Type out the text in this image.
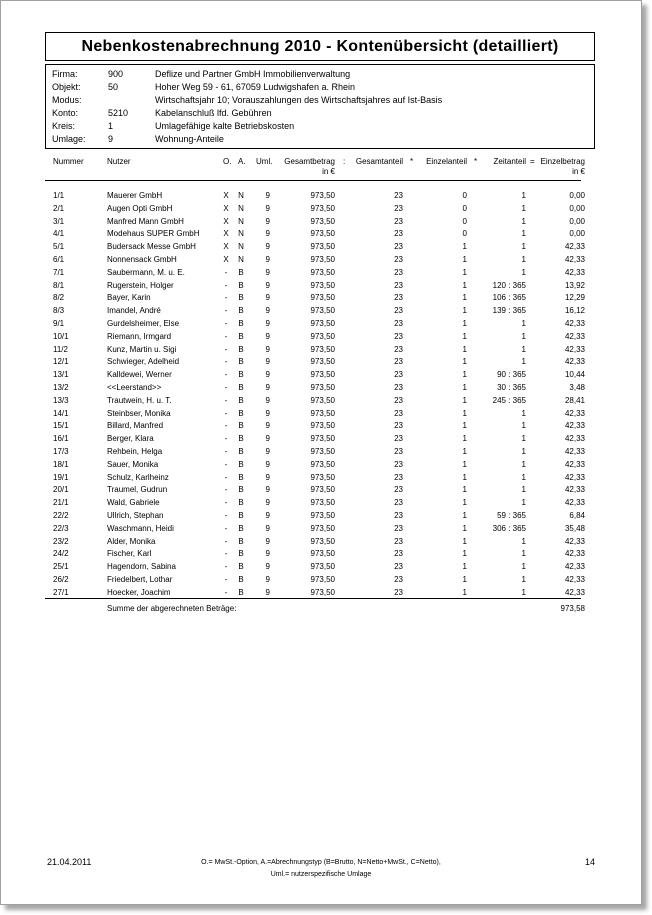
Nebenkostenabrechnung 2010 - Kontenübersicht (detailliert)
Firma:	900	Deflize und Partner GmbH Immobilienverwaltung
Objekt:	50	Hoher Weg 59 - 61, 67059 Ludwigshafen a. Rhein
Modus:	Wirtschaftsjahr 10; Vorauszahlungen des Wirtschaftsjahres auf Ist-Basis
Konto:	5210	Kabelanschluß lfd. Gebühren
Kreis:	1	Umlagefähige kalte Betriebskosten
Umlage: 9	Wohnung-Anteile
Nummer	Nutzer	O. A. Uml.	Gesamtbetrag
in €
:	Gesamtanteil *	Einzelanteil *	Zeitanteil = Einzelbetrag
in €
1/1	Mauerer GmbH	X N	9	973,50	23	0	1	0,00
2/1	Augen Opti GmbH	X N	9	973,50	23	0	1	0,00
3/1	Manfred Mann GmbH	X N	9	973,50	23	0	1	0,00
4/1	Modehaus SUPER GmbH	X N	9	973,50	23	0	1	0,00
5/1	Budersack Messe GmbH	X N	9	973,50	23	1	1	42,33
6/1	Nonnensack GmbH	X N	9	973,50	23	1	1	42,33
7/1	Saubermann, M. u. E.	-	B	9	973,50	23	1	1	42,33
8/1	Rugerstein, Holger	-	B	9	973,50	23	1	120 : 365	13,92
8/2	Bayer, Karin	-	B	9	973,50	23	1	106 : 365	12,29
8/3	Imandel, André	-	B	9	973,50	23	1	139 : 365	16,12
9/1	Gurdelsheimer, Else	-	B	9	973,50	23	1	1	42,33
10/1	Riemann, Irmgard	-	B	9	973,50	23	1	1	42,33
11/2	Kunz, Martin u. Sigi	-	B	9	973,50	23	1	1	42,33
12/1	Schwieger, Adelheid	-	B	9	973,50	23	1	1	42,33
13/1	Kalldewei, Werner	-	B	9	973,50	23	1	90 : 365	10,44
13/2	<<Leerstand>>	-	B	9	973,50	23	1	30 : 365	3,48
13/3	Trautwein, H. u. T.	-	B	9	973,50	23	1	245 : 365	28,41
14/1	Steinbser, Monika	-	B	9	973,50	23	1	1	42,33
15/1	Billard, Manfred	-	B	9	973,50	23	1	1	42,33
16/1	Berger, Klara	-	B	9	973,50	23	1	1	42,33
17/3	Rehbein, Helga	-	B	9	973,50	23	1	1	42,33
18/1	Sauer, Monika	-	B	9	973,50	23	1	1	42,33
19/1	Schulz, Karlheinz	-	B	9	973,50	23	1	1	42,33
20/1	Traumel, Gudrun	-	B	9	973,50	23	1	1	42,33
21/1	Wald, Gabriele	-	B	9	973,50	23	1	1	42,33
22/2	Ullrich, Stephan	-	B	9	973,50	23	1	59 : 365	6,84
22/3	Waschmann, Heidi	-	B	9	973,50	23	1	306 : 365	35,48
23/2	Alder, Monika	-	B	9	973,50	23	1	1	42,33
24/2	Fischer, Karl	-	B	9	973,50	23	1	1	42,33
25/1	Hagendorn, Sabina	-	B	9	973,50	23	1	1	42,33
26/2	Friedelbert, Lothar	-	B	9	973,50	23	1	1	42,33
27/1	Hoecker, Joachim	-	B	9	973,50	23	1	1	42,33
Summe der abgerechneten Beträge:	973,58
21.04.2011	O.= MwSt.-Option, A.=Abrechnungstyp (B=Brutto, N=Netto+MwSt., C=Netto),
Uml.= nutzerspezifische Umlage
14
